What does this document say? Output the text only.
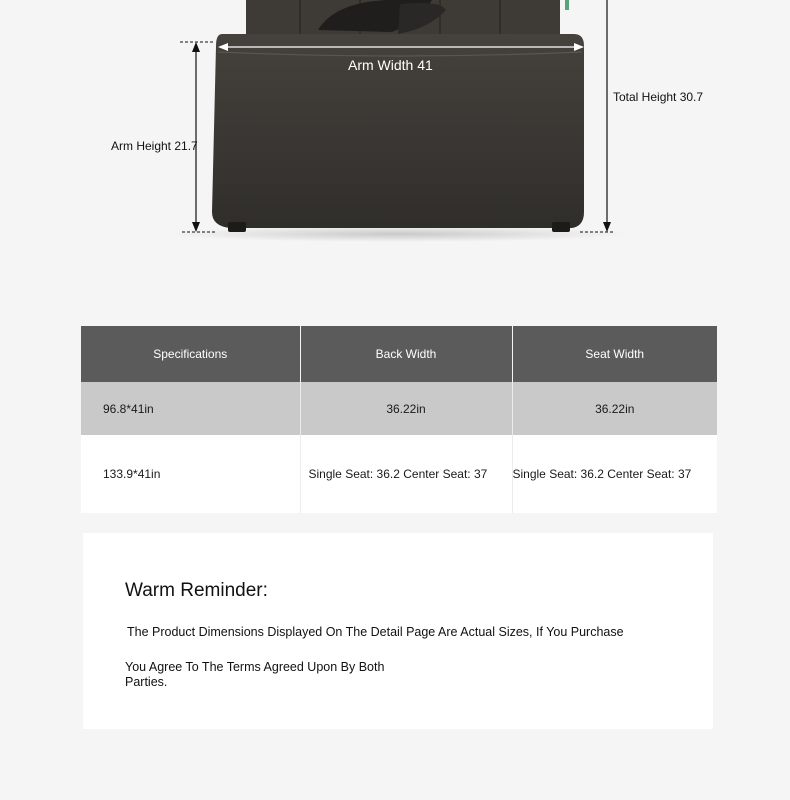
Arm Width 41
Arm Height 21.7
Total Height 30.7
Specifications	Back Width	Seat Width
96.8*41in	36.22in	36.22in
133.9*41in	Single Seat: 36.2 Center Seat: 37	Single Seat: 36.2 Center Seat: 37
Warm Reminder:
The Product Dimensions Displayed On The Detail Page Are Actual Sizes, If You Purchase
You Agree To The Terms Agreed Upon By Both Parties.
